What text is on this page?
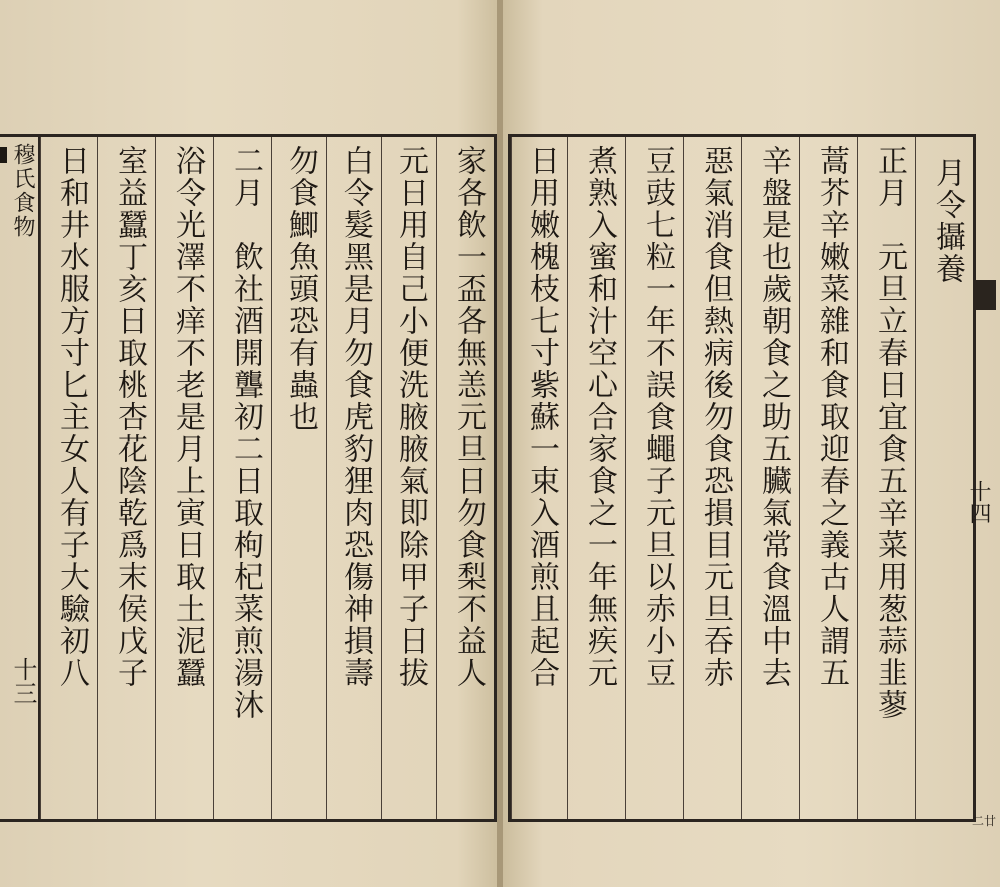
月令攝養
正月　元旦立春日宜食五辛菜用葱蒜韭蓼
蒿芥辛嫩菜雜和食取迎春之義古人謂五
辛盤是也歲朝食之助五臟氣常食溫中去
惡氣消食但熱病後勿食恐損目元旦吞赤
豆豉七粒一年不誤食蠅子元旦以赤小豆
煮熟入蜜和汁空心合家食之一年無疾元
日用嫩槐枝七寸紫蘇一束入酒煎且起合
穆氏食物
十三	家各飲一盃各無恙元旦日勿食梨不益人
元日用自己小便洗腋腋氣即除甲子日拔
白令髮黑是月勿食虎豹狸肉恐傷神損壽
勿食鯽魚頭恐有蟲也
二月　飲社酒開聾初二日取枸杞菜煎湯沐
浴令光澤不痒不老是月上寅日取土泥蠶
室益蠶丁亥日取桃杏花陰乾爲末侯戊子
日和井水服方寸匕主女人有子大驗初八	十四
二廿
